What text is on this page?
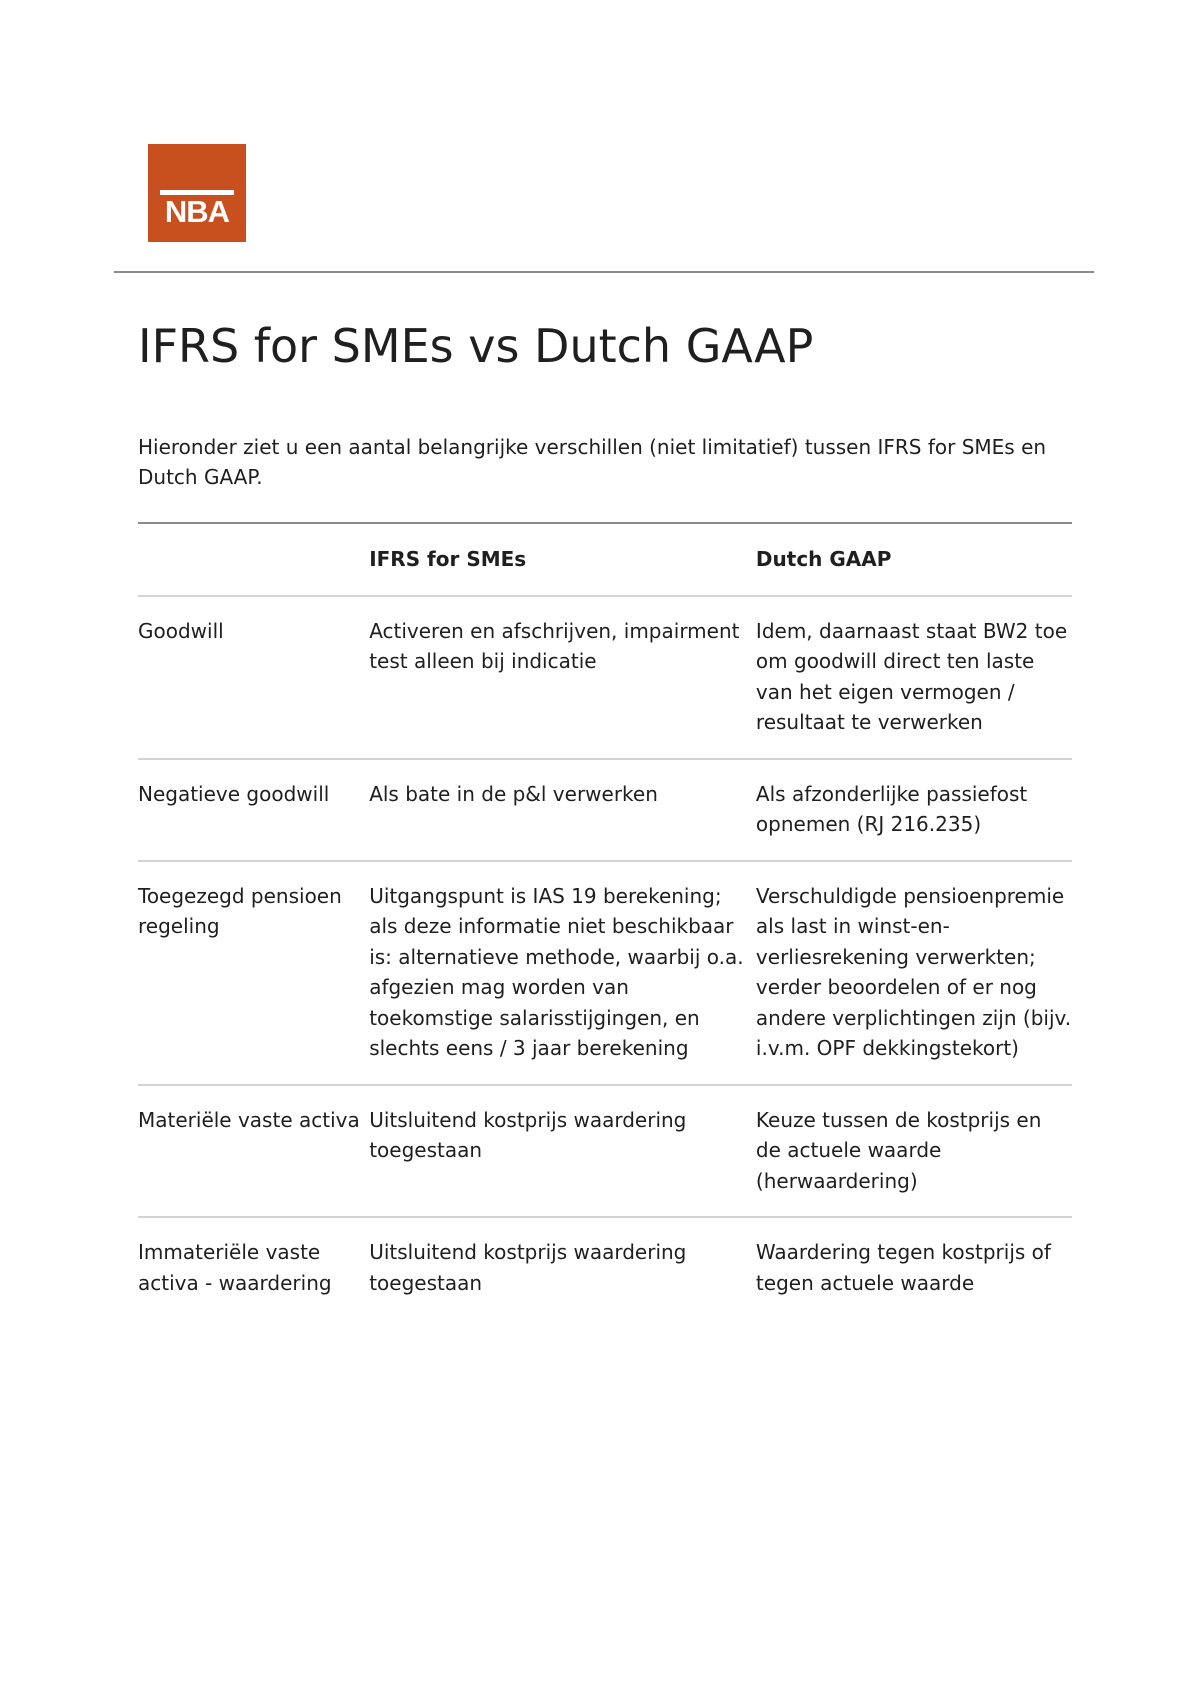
NBA
IFRS for SMEs vs Dutch GAAP

Hieronder ziet u een aantal belangrijke verschillen (niet limitatief) tussen IFRS for SMEs en Dutch GAAP.

	IFRS for SMEs	Dutch GAAP
Goodwill	Activeren en afschrijven, impairment test alleen bij indicatie	Idem, daarnaast staat BW2 toe om goodwill direct ten laste van het eigen vermogen / resultaat te verwerken
Negatieve goodwill	Als bate in de p&l verwerken	Als afzonderlijke passiefost opnemen (RJ 216.235)
Toegezegd pensioen regeling	Uitgangspunt is IAS 19 berekening; als deze informatie niet beschikbaar is: alternatieve methode, waarbij o.a. afgezien mag worden van toekomstige salarisstijgingen, en slechts eens / 3 jaar berekening	Verschuldigde pensioenpremie als last in winst-en-verliesrekening verwerkten; verder beoordelen of er nog andere verplichtingen zijn (bijv. i.v.m. OPF dekkingstekort)
Materiële vaste activa	Uitsluitend kostprijs waardering toegestaan	Keuze tussen de kostprijs en de actuele waarde (herwaardering)
Immateriële vaste activa - waardering	Uitsluitend kostprijs waardering toegestaan	Waardering tegen kostprijs of tegen actuele waarde
